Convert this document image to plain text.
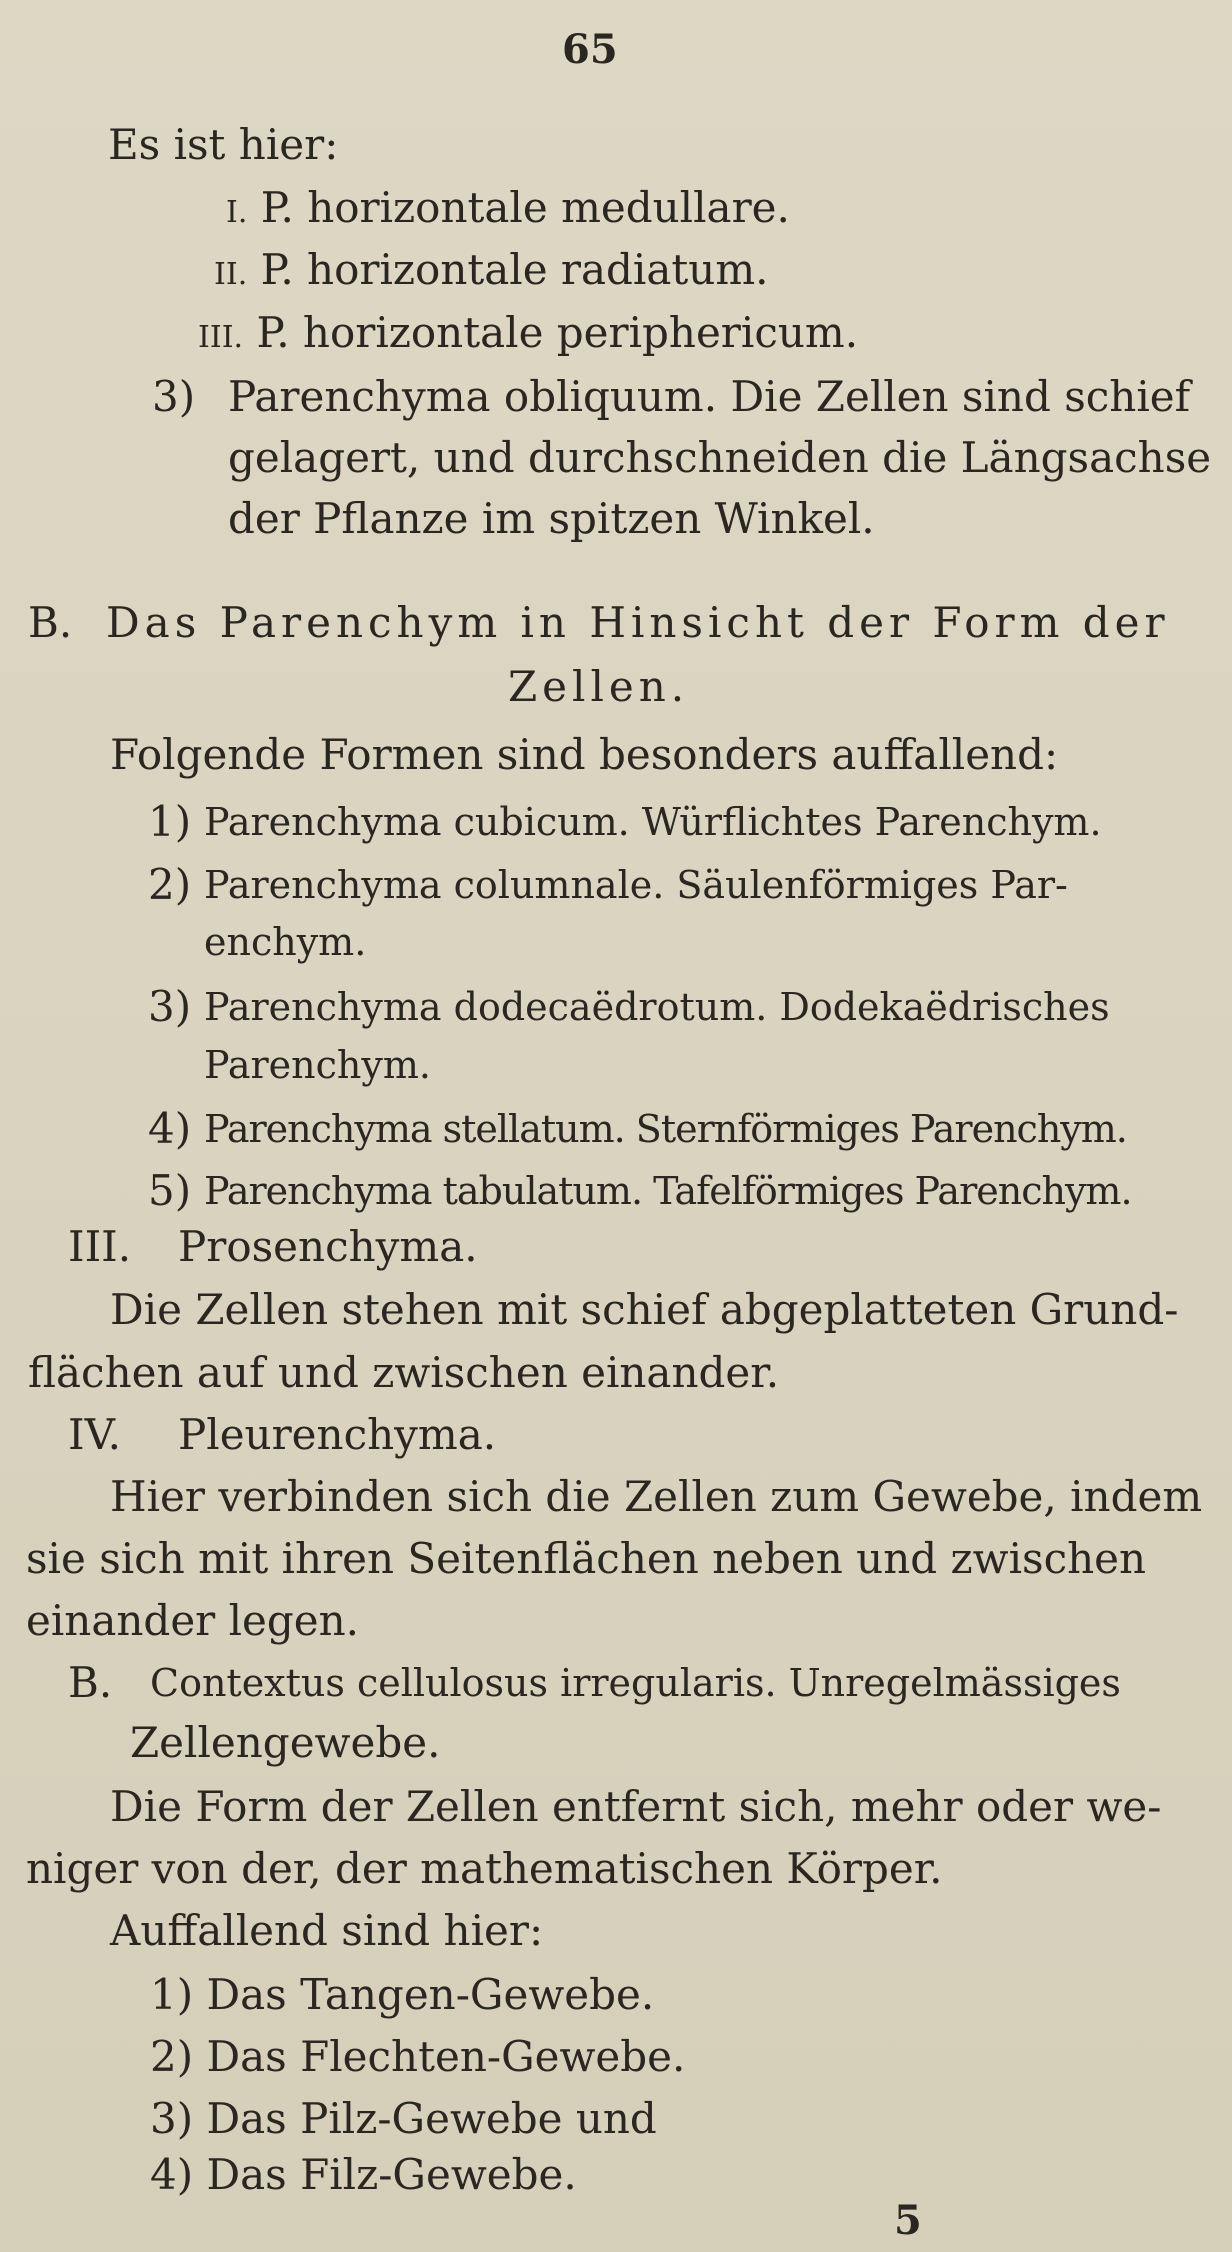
65
Es ist hier:
I. P. horizontale medullare.
II. P. horizontale radiatum.
III. P. horizontale periphericum.
3) Parenchyma obliquum. Die Zellen sind schief
gelagert, und durchschneiden die Längsachse
der Pflanze im spitzen Winkel.
B. Das Parenchym in Hinsicht der Form der
Zellen.
Folgende Formen sind besonders auffallend:
1) Parenchyma cubicum. Würflichtes Parenchym.
2) Parenchyma columnale. Säulenförmiges Par-
enchym.
3) Parenchyma dodecaëdrotum. Dodekaëdrisches
Parenchym.
4) Parenchyma stellatum. Sternförmiges Parenchym.
5) Parenchyma tabulatum. Tafelförmiges Parenchym.
III. Prosenchyma.
Die Zellen stehen mit schief abgeplatteten Grund-
flächen auf und zwischen einander.
IV. Pleurenchyma.
Hier verbinden sich die Zellen zum Gewebe, indem
sie sich mit ihren Seitenflächen neben und zwischen
einander legen.
B. Contextus cellulosus irregularis. Unregelmässiges
Zellengewebe.
Die Form der Zellen entfernt sich, mehr oder we-
niger von der, der mathematischen Körper.
Auffallend sind hier:
1) Das Tangen-Gewebe.
2) Das Flechten-Gewebe.
3) Das Pilz-Gewebe und
4) Das Filz-Gewebe.
5
